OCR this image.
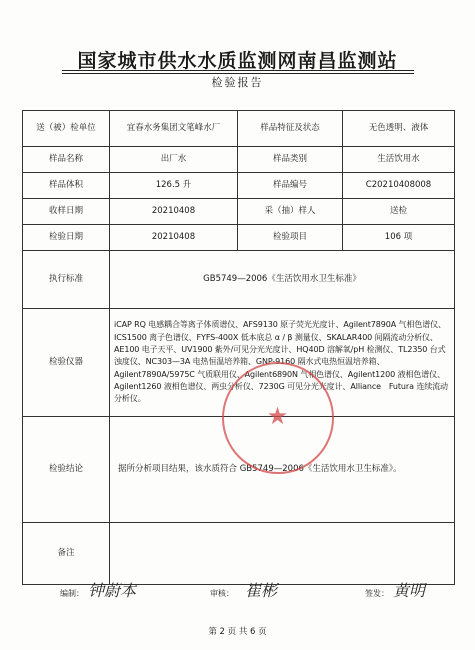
国家城市供水水质监测网南昌监测站
检验报告
送（被）检单位	宜春水务集团文笔峰水厂	样品特征及状态	无色透明、液体
样品名称	出厂水	样品类别	生活饮用水
样品体积	126.5 升	样品编号	C20210408008
收样日期	20210408	采（抽）样人	送检
检验日期	20210408	检验项目	106 项
执行标准	GB5749—2006《生活饮用水卫生标准》		
检验仪器	iCAP RQ 电感耦合等离子体质谱仪、AFS9130 原子荧光光度计、Agilent7890A 气相色谱仪、ICS1500 离子色谱仪、FYFS-400X 低本底总 α / β 测量仪、SKALAR400 间隔流动分析仪、AE100 电子天平、UV1900 紫外/可见分光光度计、HQ40D 溶解氧/pH 检测仪、TL2350 台式浊度仪、NC303—3A 电热恒温培养箱、GNP-9160 隔水式电热恒温培养箱、Agilent7890A/5975C 气质联用仪、Agilent6890N 气相色谱仪、Agilent1200 液相色谱仪、Agilent1260 液相色谱仪、两虫分析仪、7230G 可见分光光度计、Alliance　Futura 连续流动分析仪。		
检验结论	据所分析项目结果，该水质符合 GB5749—2006《生活饮用水卫生标准》。		
备注			
★
编制： 钟蔚本	审核： 崔彬	签发： 黄明
第 2 页 共 6 页
